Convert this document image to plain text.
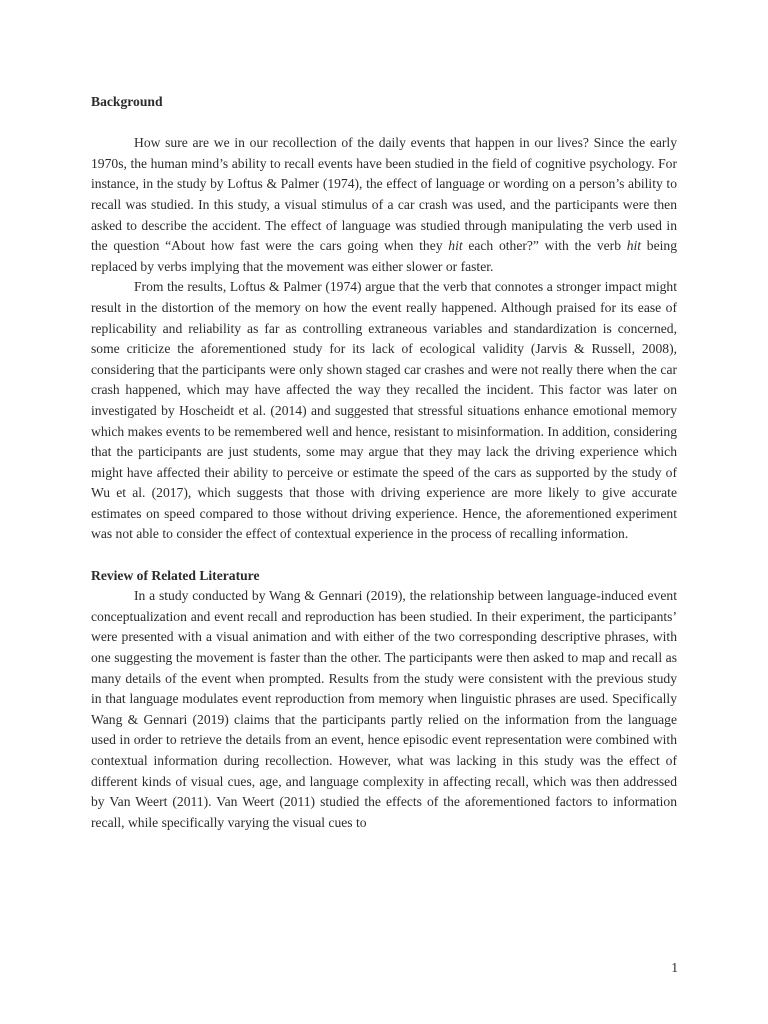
Background

How sure are we in our recollection of the daily events that happen in our lives? Since the early 1970s, the human mind’s ability to recall events have been studied in the field of cognitive psychology. For instance, in the study by Loftus & Palmer (1974), the effect of language or wording on a person’s ability to recall was studied. In this study, a visual stimulus of a car crash was used, and the participants were then asked to describe the accident. The effect of language was studied through manipulating the verb used in the question “About how fast were the cars going when they hit each other?” with the verb hit being replaced by verbs implying that the movement was either slower or faster.

From the results, Loftus & Palmer (1974) argue that the verb that connotes a stronger impact might result in the distortion of the memory on how the event really happened. Although praised for its ease of replicability and reliability as far as controlling extraneous variables and standardization is concerned, some criticize the aforementioned study for its lack of ecological validity (Jarvis & Russell, 2008), considering that the participants were only shown staged car crashes and were not really there when the car crash happened, which may have affected the way they recalled the incident. This factor was later on investigated by Hoscheidt et al. (2014) and suggested that stressful situations enhance emotional memory which makes events to be remembered well and hence, resistant to misinformation. In addition, considering that the participants are just students, some may argue that they may lack the driving experience which might have affected their ability to perceive or estimate the speed of the cars as supported by the study of Wu et al. (2017), which suggests that those with driving experience are more likely to give accurate estimates on speed compared to those without driving experience. Hence, the aforementioned experiment was not able to consider the effect of contextual experience in the process of recalling information.

Review of Related Literature

In a study conducted by Wang & Gennari (2019), the relationship between language-induced event conceptualization and event recall and reproduction has been studied. In their experiment, the participants’ were presented with a visual animation and with either of the two corresponding descriptive phrases, with one suggesting the movement is faster than the other. The participants were then asked to map and recall as many details of the event when prompted. Results from the study were consistent with the previous study in that language modulates event reproduction from memory when linguistic phrases are used. Specifically Wang & Gennari (2019) claims that the participants partly relied on the information from the language used in order to retrieve the details from an event, hence episodic event representation were combined with contextual information during recollection. However, what was lacking in this study was the effect of different kinds of visual cues, age, and language complexity in affecting recall, which was then addressed by Van Weert (2011). Van Weert (2011) studied the effects of the aforementioned factors to information recall, while specifically varying the visual cues to

1
